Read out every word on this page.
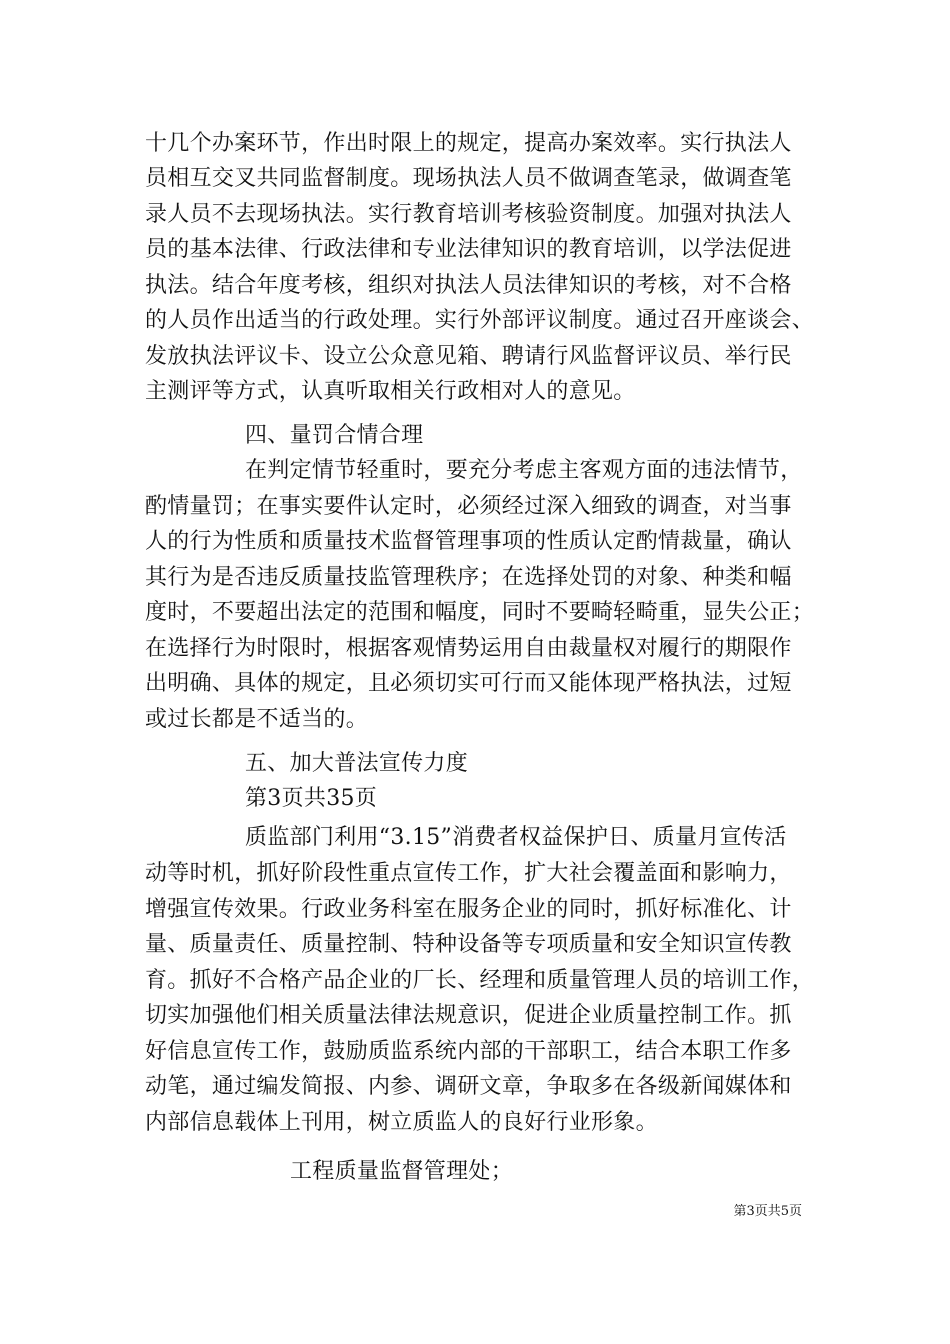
十几个办案环节，作出时限上的规定，提高办案效率。实行执法人
员相互交叉共同监督制度。现场执法人员不做调查笔录，做调查笔
录人员不去现场执法。实行教育培训考核验资制度。加强对执法人
员的基本法律、行政法律和专业法律知识的教育培训，以学法促进
执法。结合年度考核，组织对执法人员法律知识的考核，对不合格
的人员作出适当的行政处理。实行外部评议制度。通过召开座谈会、
发放执法评议卡、设立公众意见箱、聘请行风监督评议员、举行民
主测评等方式，认真听取相关行政相对人的意见。
四、量罚合情合理
在判定情节轻重时，要充分考虑主客观方面的违法情节，
酌情量罚；在事实要件认定时，必须经过深入细致的调查，对当事
人的行为性质和质量技术监督管理事项的性质认定酌情裁量，确认
其行为是否违反质量技监管理秩序；在选择处罚的对象、种类和幅
度时，不要超出法定的范围和幅度，同时不要畸轻畸重，显失公正；
在选择行为时限时，根据客观情势运用自由裁量权对履行的期限作
出明确、具体的规定，且必须切实可行而又能体现严格执法，过短
或过长都是不适当的。
五、加大普法宣传力度
第3页共35页
质监部门利用“3.15”消费者权益保护日、质量月宣传活
动等时机，抓好阶段性重点宣传工作，扩大社会覆盖面和影响力，
增强宣传效果。行政业务科室在服务企业的同时，抓好标准化、计
量、质量责任、质量控制、特种设备等专项质量和安全知识宣传教
育。抓好不合格产品企业的厂长、经理和质量管理人员的培训工作，
切实加强他们相关质量法律法规意识，促进企业质量控制工作。抓
好信息宣传工作，鼓励质监系统内部的干部职工，结合本职工作多
动笔，通过编发简报、内参、调研文章，争取多在各级新闻媒体和
内部信息载体上刊用，树立质监人的良好行业形象。
工程质量监督管理处；
第3页共5页
